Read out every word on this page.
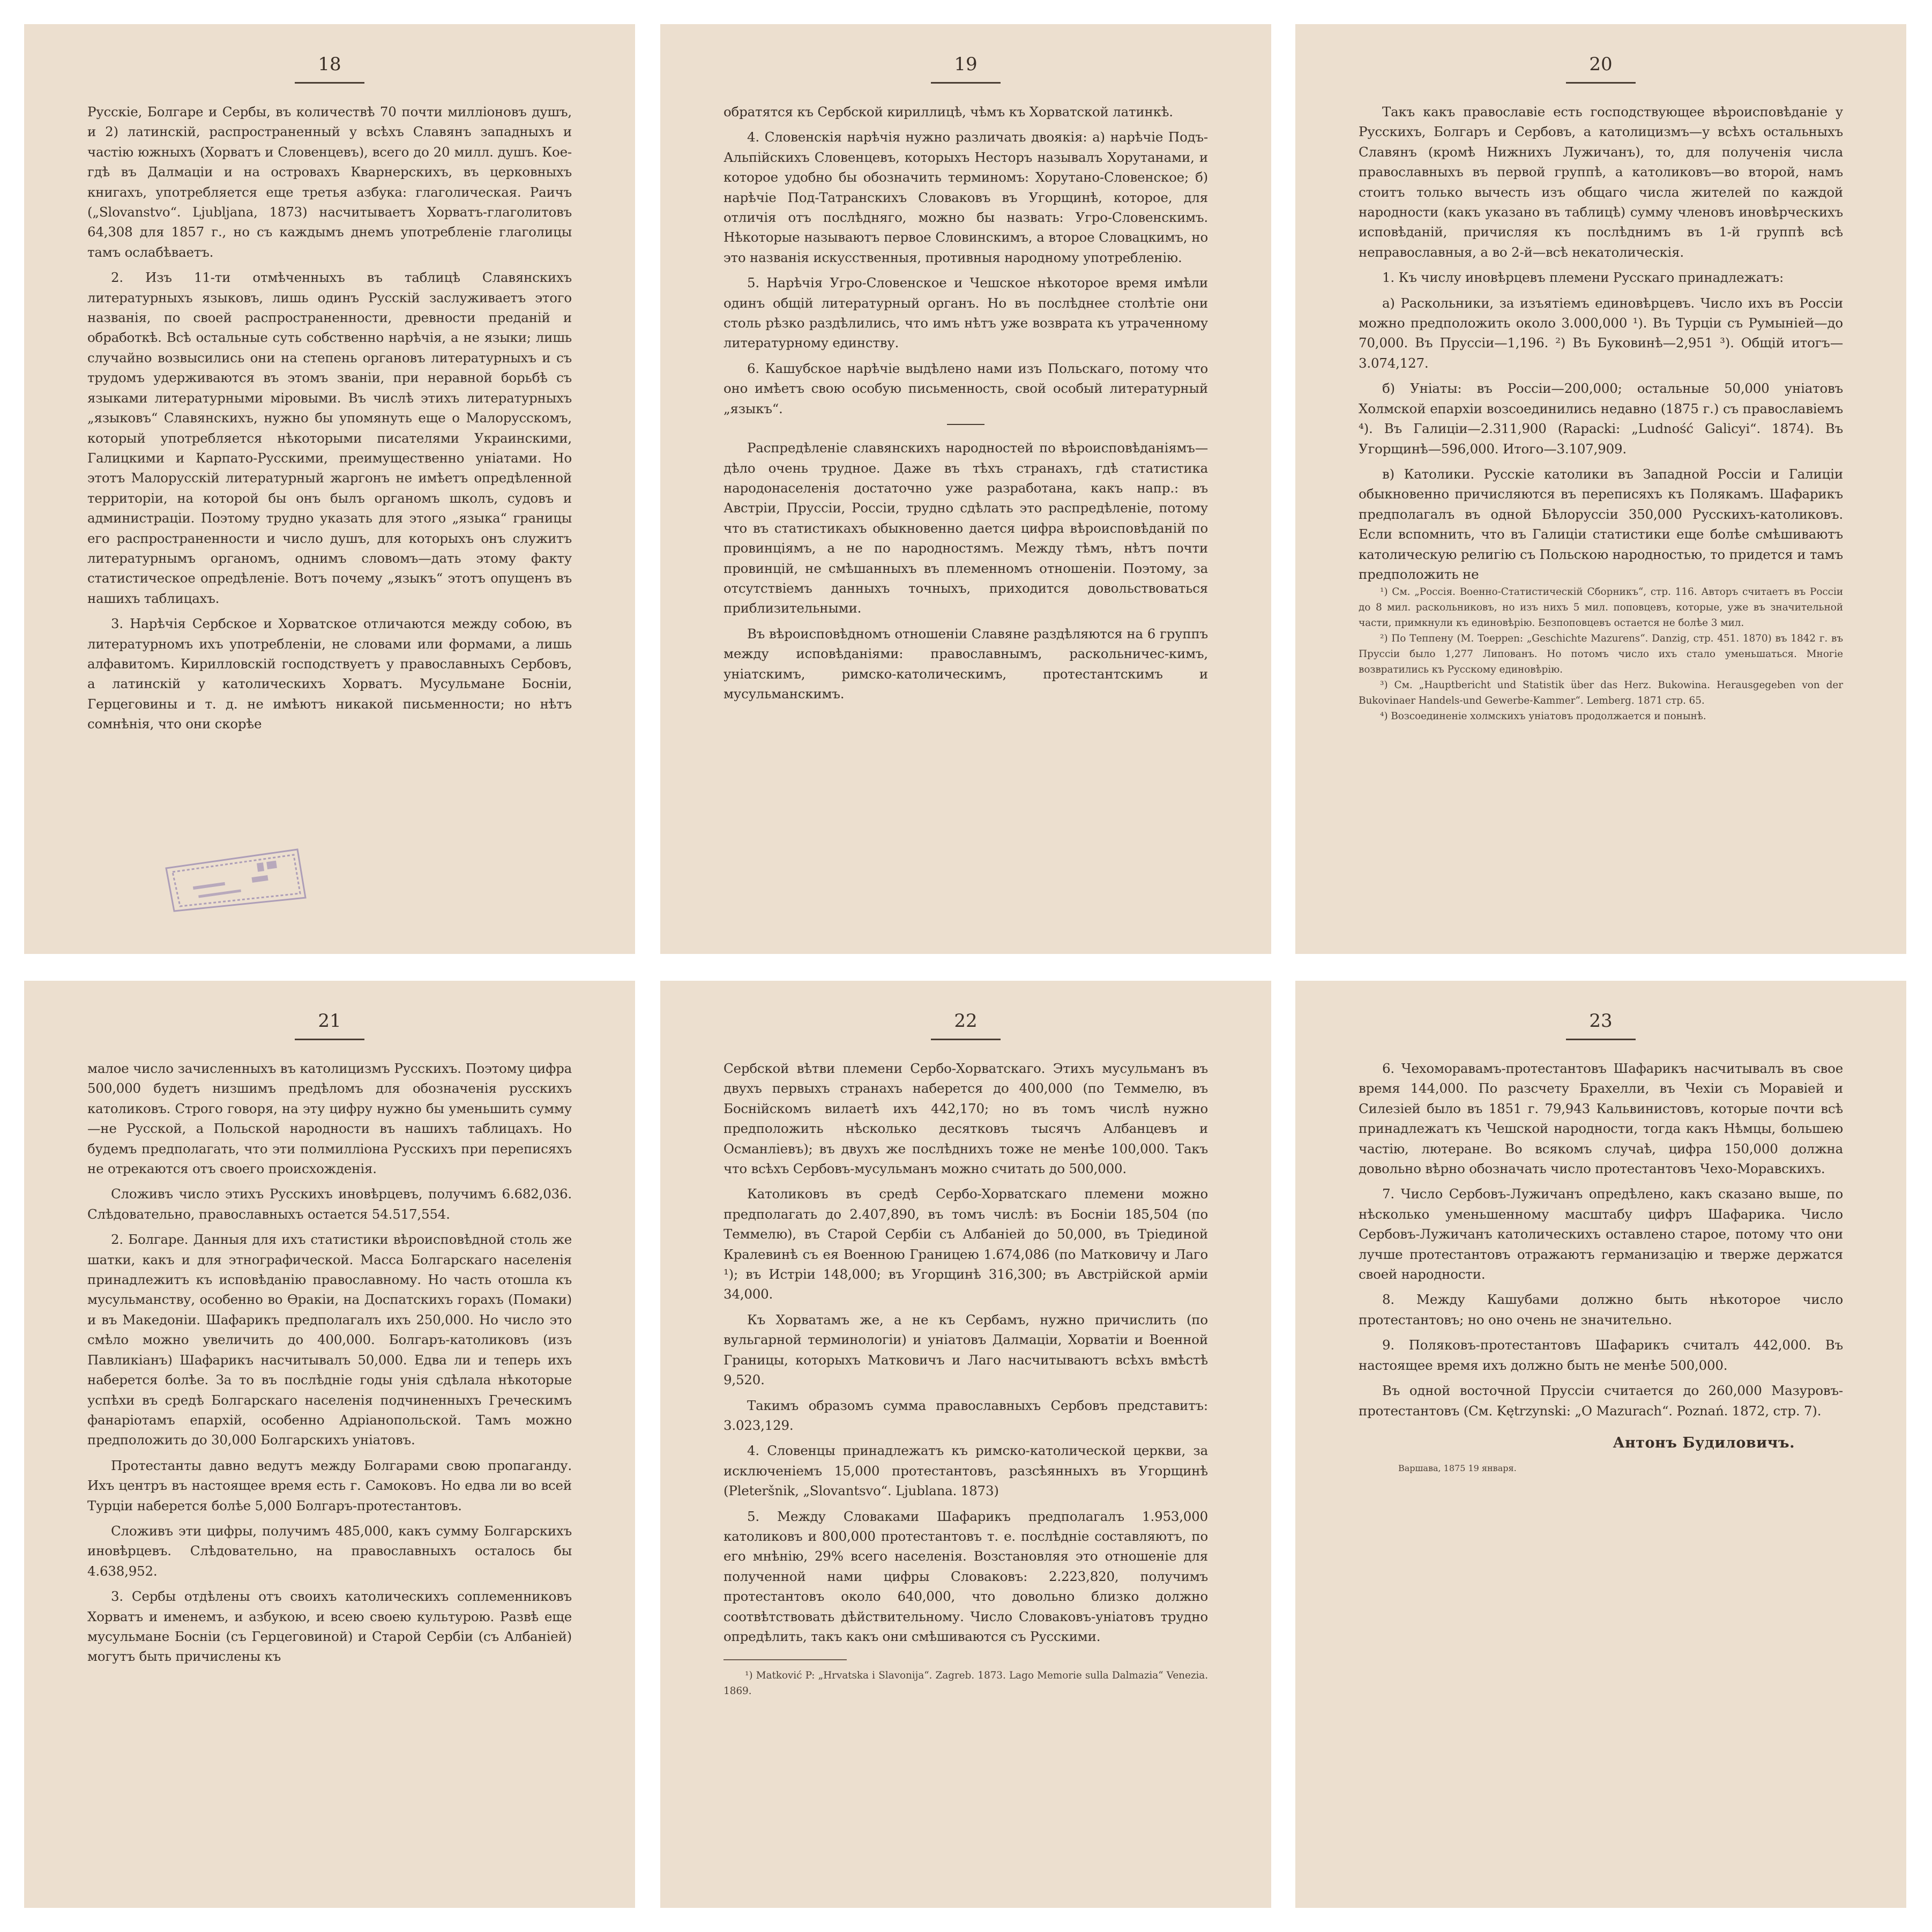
18

Русскіе, Болгаре и Сербы, въ количествѣ 70 почти милліоновъ душъ, и 2) латинскій, распространенный у всѣхъ Славянъ западныхъ и частію южныхъ (Хорватъ и Словенцевъ), всего до 20 милл. душъ. Кое-гдѣ въ Далмаціи и на островахъ Кварнерскихъ, въ церковныхъ книгахъ, употребляется еще третья азбука: глаголическая. Раичъ („Slovanstvo“. Ljubljana, 1873) насчитываетъ Хорватъ-глаголитовъ 64,308 для 1857 г., но съ каждымъ днемъ употребленіе глаголицы тамъ ослабѣваетъ.

2. Изъ 11-ти отмѣченныхъ въ таблицѣ Славянскихъ литературныхъ языковъ, лишь одинъ Русскій заслуживаетъ этого названія, по своей распространенности, древности преданій и обработкѣ. Всѣ остальные суть собственно нарѣчія, а не языки; лишь случайно возвысились они на степень органовъ литературныхъ и съ трудомъ удерживаются въ этомъ званіи, при неравной борьбѣ съ языками литературными міровыми. Въ числѣ этихъ литературныхъ „языковъ“ Славянскихъ, нужно бы упомянуть еще о Малорусскомъ, который употребляется нѣкоторыми писателями Украинскими, Галицкими и Карпато-Русскими, преимущественно уніатами. Но этотъ Малорусскій литературный жаргонъ не имѣетъ опредѣленной территоріи, на которой бы онъ былъ органомъ школъ, судовъ и администраціи. Поэтому трудно указать для этого „языка“ границы его распространенности и число душъ, для которыхъ онъ служитъ литературнымъ органомъ, однимъ словомъ—дать этому факту статистическое опредѣленіе. Вотъ почему „языкъ“ этотъ опущенъ въ нашихъ таблицахъ.

3. Нарѣчія Сербское и Хорватское отличаются между собою, въ литературномъ ихъ употребленіи, не словами или формами, а лишь алфавитомъ. Кирилловскій господствуетъ у православныхъ Сербовъ, а латинскій у католическихъ Хорватъ. Мусульмане Босніи, Герцеговины и т. д. не имѣютъ никакой письменности; но нѣтъ сомнѣнія, что они скорѣе

19

обратятся къ Сербской кириллицѣ, чѣмъ къ Хорватской латинкѣ.

4. Словенскія нарѣчія нужно различать двоякія: а) нарѣчіе Подъ-Альпійскихъ Словенцевъ, которыхъ Несторъ называлъ Хорутанами, и которое удобно бы обозначить терминомъ: Хорутано-Словенское; б) нарѣчіе Под-Татранскихъ Словаковъ въ Угорщинѣ, которое, для отличія отъ послѣдняго, можно бы назвать: Угро-Словенскимъ. Нѣкоторые называютъ первое Словинскимъ, а второе Словацкимъ, но это названія искусственныя, противныя народному употребленію.

5. Нарѣчія Угро-Словенское и Чешское нѣкоторое время имѣли одинъ общій литературный органъ. Но въ послѣднее столѣтіе они столь рѣзко раздѣлились, что имъ нѣтъ уже возврата къ утраченному литературному единству.

6. Кашубское нарѣчіе выдѣлено нами изъ Польскаго, потому что оно имѣетъ свою особую письменность, свой особый литературный „языкъ“.

Распредѣленіе славянскихъ народностей по вѣроисповѣданіямъ—дѣло очень трудное. Даже въ тѣхъ странахъ, гдѣ статистика народонаселенія достаточно уже разработана, какъ напр.: въ Австріи, Пруссіи, Россіи, трудно сдѣлать это распредѣленіе, потому что въ статистикахъ обыкновенно дается цифра вѣроисповѣданій по провинціямъ, а не по народностямъ. Между тѣмъ, нѣтъ почти провинцій, не смѣшанныхъ въ племенномъ отношеніи. Поэтому, за отсутствіемъ данныхъ точныхъ, приходится довольствоваться приблизительными.

Въ вѣроисповѣдномъ отношеніи Славяне раздѣляются на 6 группъ между исповѣданіями: православнымъ, раскольничес-кимъ, уніатскимъ, римско-католическимъ, протестантскимъ и мусульманскимъ.

20

Такъ какъ православіе есть господствующее вѣроисповѣданіе у Русскихъ, Болгаръ и Сербовъ, а католицизмъ—у всѣхъ остальныхъ Славянъ (кромѣ Нижнихъ Лужичанъ), то, для полученія числа православныхъ въ первой группѣ, а католиковъ—во второй, намъ стоитъ только вычесть изъ общаго числа жителей по каждой народности (какъ указано въ таблицѣ) сумму членовъ иновѣрческихъ исповѣданій, причисляя къ послѣднимъ въ 1-й группѣ всѣ неправославныя, а во 2-й—всѣ некатолическія.

1. Къ числу иновѣрцевъ племени Русскаго принадлежатъ:

а) Раскольники, за изъятіемъ единовѣрцевъ. Число ихъ въ Россіи можно предположить около 3.000,000 ¹). Въ Турціи съ Румыніей—до 70,000. Въ Пруссіи—1,196. ²) Въ Буковинѣ—2,951 ³). Общій итогъ—3.074,127.

б) Уніаты: въ Россіи—200,000; остальные 50,000 уніатовъ Холмской епархіи возсоединились недавно (1875 г.) съ православіемъ ⁴). Въ Галиціи—2.311,900 (Rapacki: „Ludność Galicyi“. 1874). Въ Угорщинѣ—596,000. Итого—3.107,909.

в) Католики. Русскіе католики въ Западной Россіи и Галиціи обыкновенно причисляются въ переписяхъ къ Полякамъ. Шафарикъ предполагалъ въ одной Бѣлоруссіи 350,000 Русскихъ-католиковъ. Если вспомнить, что въ Галиціи статистики еще болѣе смѣшиваютъ католическую религію съ Польскою народностью, то придется и тамъ предположить не

¹) См. „Россія. Военно-Статистическій Сборникъ“, стр. 116. Авторъ считаетъ въ Россіи до 8 мил. раскольниковъ, но изъ нихъ 5 мил. поповцевъ, которые, уже въ значительной части, примкнули къ единовѣрію. Безпоповцевъ остается не болѣе 3 мил.

²) По Теппену (M. Toeppen: „Geschichte Mazurens“. Danzig, стр. 451. 1870) въ 1842 г. въ Пруссіи было 1,277 Липованъ. Но потомъ число ихъ стало уменьшаться. Многіе возвратились къ Русскому единовѣрію.

³) См. „Hauptbericht und Statistik über das Herz. Bukowina. Herausgegeben von der Bukovinaer Handels-und Gewerbe-Kammer“. Lemberg. 1871 стр. 65.

⁴) Возсоединеніе холмскихъ уніатовъ продолжается и понынѣ.

21

малое число зачисленныхъ въ католицизмъ Русскихъ. Поэтому цифра 500,000 будетъ низшимъ предѣломъ для обозначенія русскихъ католиковъ. Строго говоря, на эту цифру нужно бы уменьшить сумму—не Русской, а Польской народности въ нашихъ таблицахъ. Но будемъ предполагать, что эти полмилліона Русскихъ при переписяхъ не отрекаются отъ своего происхожденія.

Сложивъ число этихъ Русскихъ иновѣрцевъ, получимъ 6.682,036. Слѣдовательно, православныхъ остается 54.517,554.

2. Болгаре. Данныя для ихъ статистики вѣроисповѣдной столь же шатки, какъ и для этнографической. Масса Болгарскаго населенія принадлежитъ къ исповѣданію православному. Но часть отошла къ мусульманству, особенно во Ѳракіи, на Доспатскихъ горахъ (Помаки) и въ Македоніи. Шафарикъ предполагалъ ихъ 250,000. Но число это смѣло можно увеличить до 400,000. Болгаръ-католиковъ (изъ Павликіанъ) Шафарикъ насчитывалъ 50,000. Едва ли и теперь ихъ наберется болѣе. За то въ послѣдніе годы унія сдѣлала нѣкоторые успѣхи въ средѣ Болгарскаго населенія подчиненныхъ Греческимъ фанаріотамъ епархій, особенно Адріанопольской. Тамъ можно предположить до 30,000 Болгарскихъ уніатовъ.

Протестанты давно ведутъ между Болгарами свою пропаганду. Ихъ центръ въ настоящее время есть г. Самоковъ. Но едва ли во всей Турціи наберется болѣе 5,000 Болгаръ-протестантовъ.

Сложивъ эти цифры, получимъ 485,000, какъ сумму Болгарскихъ иновѣрцевъ. Слѣдовательно, на православныхъ осталось бы 4.638,952.

3. Сербы отдѣлены отъ своихъ католическихъ соплеменниковъ Хорватъ и именемъ, и азбукою, и всею своею культурою. Развѣ еще мусульмане Босніи (съ Герцеговиной) и Старой Сербіи (съ Албаніей) могутъ быть причислены къ

22

Сербской вѣтви племени Сербо-Хорватскаго. Этихъ мусульманъ въ двухъ первыхъ странахъ наберется до 400,000 (по Теммелю, въ Боснійскомъ вилаетѣ ихъ 442,170; но въ томъ числѣ нужно предположить нѣсколько десятковъ тысячъ Албанцевъ и Османліевъ); въ двухъ же послѣднихъ тоже не менѣе 100,000. Такъ что всѣхъ Сербовъ-мусульманъ можно считать до 500,000.

Католиковъ въ средѣ Сербо-Хорватскаго племени можно предполагать до 2.407,890, въ томъ числѣ: въ Босніи 185,504 (по Теммелю), въ Старой Сербіи съ Албаніей до 50,000, въ Тріединой Кралевинѣ съ ея Военною Границею 1.674,086 (по Матковичу и Лаго ¹); въ Истріи 148,000; въ Угорщинѣ 316,300; въ Австрійской арміи 34,000.

Къ Хорватамъ же, а не къ Сербамъ, нужно причислить (по вульгарной терминологіи) и уніатовъ Далмаціи, Хорватіи и Военной Границы, которыхъ Матковичъ и Лаго насчитываютъ всѣхъ вмѣстѣ 9,520.

Такимъ образомъ сумма православныхъ Сербовъ представитъ: 3.023,129.

4. Словенцы принадлежатъ къ римско-католической церкви, за исключеніемъ 15,000 протестантовъ, разсѣянныхъ въ Угорщинѣ (Pleteršnik, „Slovantsvo“. Ljublana. 1873)

5. Между Словаками Шафарикъ предполагалъ 1.953,000 католиковъ и 800,000 протестантовъ т. е. послѣдніе составляютъ, по его мнѣнію, 29% всего населенія. Возстановляя это отношеніе для полученной нами цифры Словаковъ: 2.223,820, получимъ протестантовъ около 640,000, что довольно близко должно соотвѣтствовать дѣйствительному. Число Словаковъ-уніатовъ трудно опредѣлить, такъ какъ они смѣшиваются съ Русскими.

¹) Matković P: „Hrvatska i Slavonija“. Zagreb. 1873. Lago Memorie sulla Dalmazia“ Venezia. 1869.

23

6. Чехоморавамъ-протестантовъ Шафарикъ насчитывалъ въ свое время 144,000. По разсчету Брахелли, въ Чехіи съ Моравіей и Силезіей было въ 1851 г. 79,943 Кальвинистовъ, которые почти всѣ принадлежатъ къ Чешской народности, тогда какъ Нѣмцы, большею частію, лютеране. Во всякомъ случаѣ, цифра 150,000 должна довольно вѣрно обозначать число протестантовъ Чехо-Моравскихъ.

7. Число Сербовъ-Лужичанъ опредѣлено, какъ сказано выше, по нѣсколько уменьшенному масштабу цифръ Шафарика. Число Сербовъ-Лужичанъ католическихъ оставлено старое, потому что они лучше протестантовъ отражаютъ германизацію и тверже держатся своей народности.

8. Между Кашубами должно быть нѣкоторое число протестантовъ; но оно очень не значительно.

9. Поляковъ-протестантовъ Шафарикъ считалъ 442,000. Въ настоящее время ихъ должно быть не менѣе 500,000.

Въ одной восточной Пруссіи считается до 260,000 Мазуровъ-протестантовъ (См. Kętrzynski: „O Mazurach“. Poznań. 1872, стр. 7).

Антонъ Будиловичъ.
Варшава, 1875 19 января.
